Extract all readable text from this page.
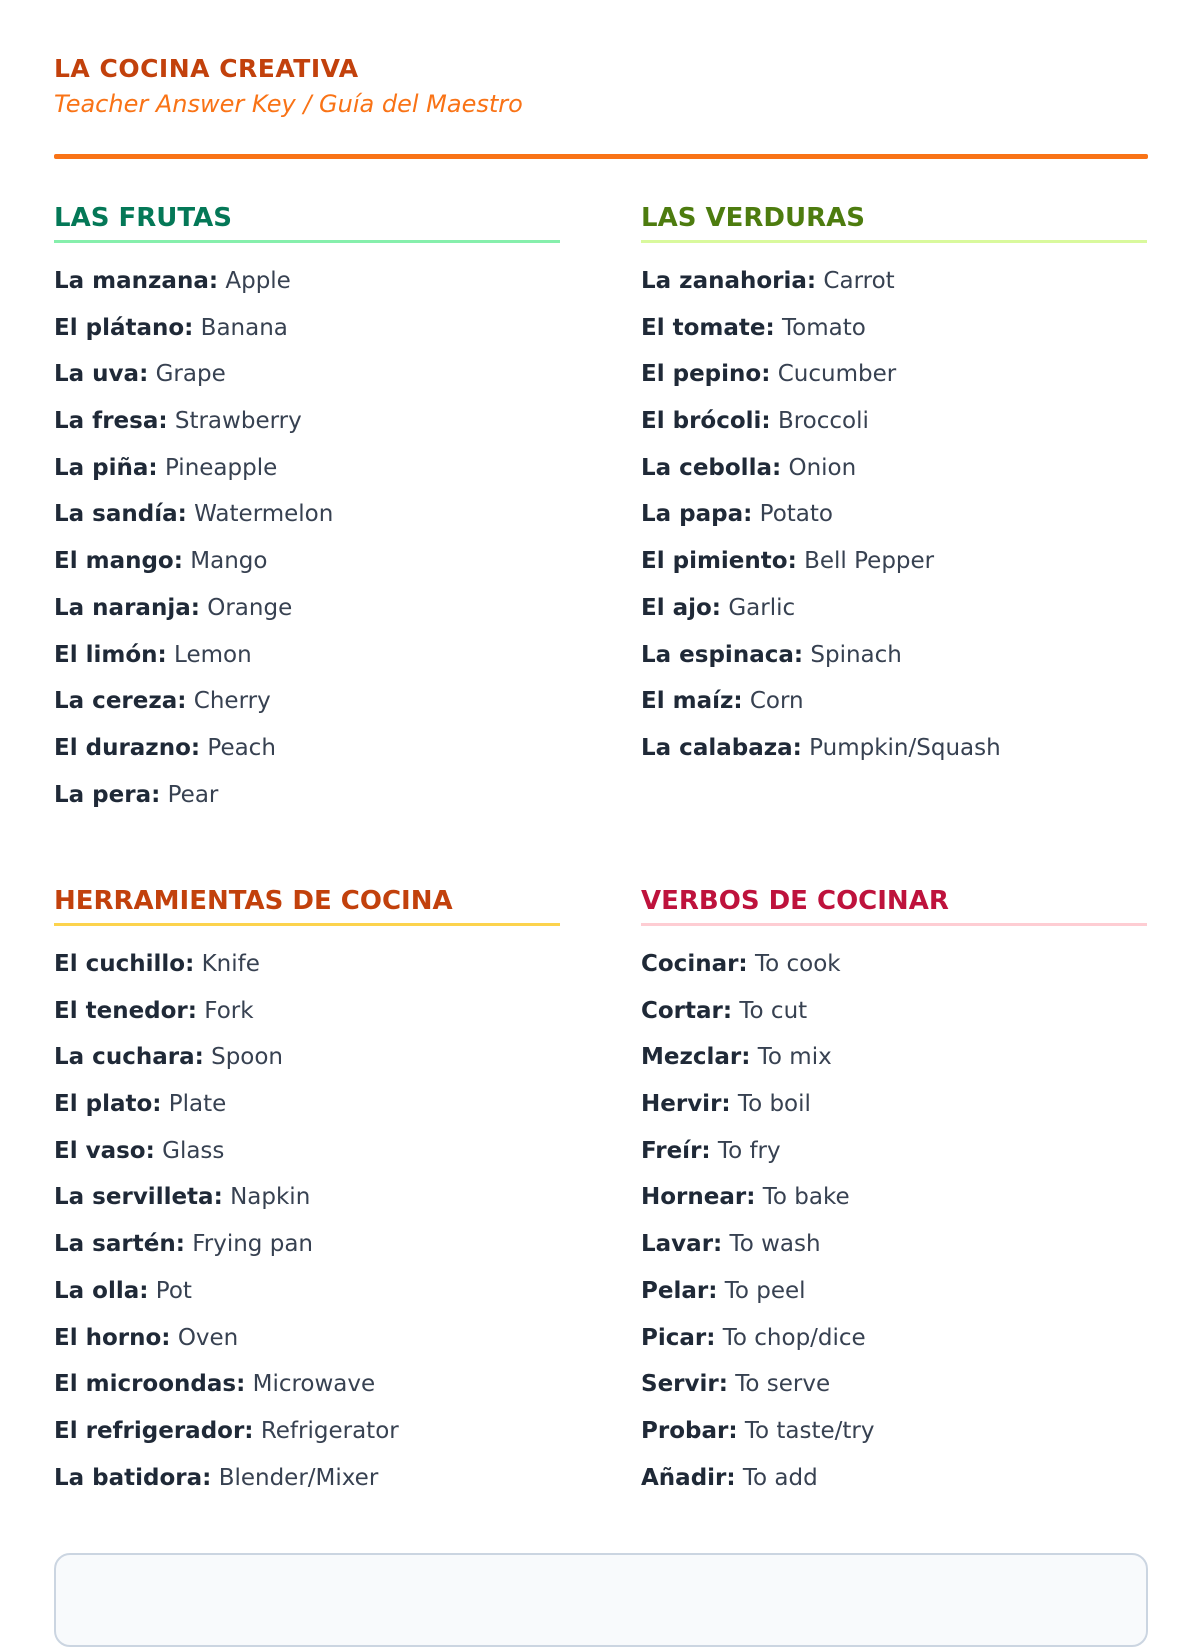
LA COCINA CREATIVA
Teacher Answer Key / Guía del Maestro
LAS FRUTAS
La manzana: Apple
El plátano: Banana
La uva: Grape
La fresa: Strawberry
La piña: Pineapple
La sandía: Watermelon
El mango: Mango
La naranja: Orange
El limón: Lemon
La cereza: Cherry
El durazno: Peach
La pera: Pear
LAS VERDURAS
La zanahoria: Carrot
El tomate: Tomato
El pepino: Cucumber
El brócoli: Broccoli
La cebolla: Onion
La papa: Potato
El pimiento: Bell Pepper
El ajo: Garlic
La espinaca: Spinach
El maíz: Corn
La calabaza: Pumpkin/Squash
HERRAMIENTAS DE COCINA
El cuchillo: Knife
El tenedor: Fork
La cuchara: Spoon
El plato: Plate
El vaso: Glass
La servilleta: Napkin
La sartén: Frying pan
La olla: Pot
El horno: Oven
El microondas: Microwave
El refrigerador: Refrigerator
La batidora: Blender/Mixer
VERBOS DE COCINAR
Cocinar: To cook
Cortar: To cut
Mezclar: To mix
Hervir: To boil
Freír: To fry
Hornear: To bake
Lavar: To wash
Pelar: To peel
Picar: To chop/dice
Servir: To serve
Probar: To taste/try
Añadir: To add
